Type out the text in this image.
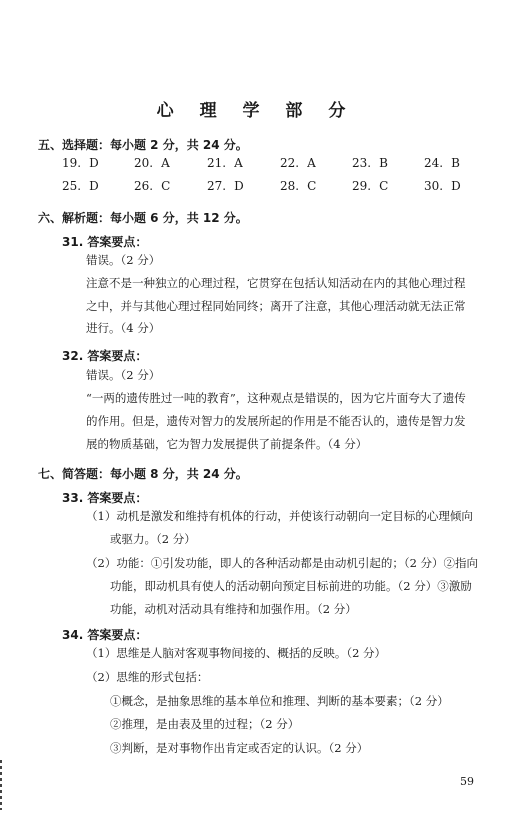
心 理 学 部 分
五、选择题：每小题 2 分，共 24 分。
19. D	20. A	21. A	22. A	23. B	24. B
25. D	26. C	27. D	28. C	29. C	30. D
六、解析题：每小题 6 分，共 12 分。
31. 答案要点：
错误。（2 分）
注意不是一种独立的心理过程，它贯穿在包括认知活动在内的其他心理过程
之中，并与其他心理过程同始同终；离开了注意，其他心理活动就无法正常
进行。（4 分）
32. 答案要点：
错误。（2 分）
“一两的遗传胜过一吨的教育”，这种观点是错误的，因为它片面夸大了遗传
的作用。但是，遗传对智力的发展所起的作用是不能否认的，遗传是智力发
展的物质基础，它为智力发展提供了前提条件。（4 分）
七、简答题：每小题 8 分，共 24 分。
33. 答案要点：
（1）动机是激发和维持有机体的行动，并使该行动朝向一定目标的心理倾向
或驱力。（2 分）
（2）功能：①引发功能，即人的各种活动都是由动机引起的；（2 分）②指向
功能，即动机具有使人的活动朝向预定目标前进的功能。（2 分）③激励
功能，动机对活动具有维持和加强作用。（2 分）
34. 答案要点：
（1）思维是人脑对客观事物间接的、概括的反映。（2 分）
（2）思维的形式包括：
①概念，是抽象思维的基本单位和推理、判断的基本要素；（2 分）
②推理，是由表及里的过程；（2 分）
③判断，是对事物作出肯定或否定的认识。（2 分）
59
